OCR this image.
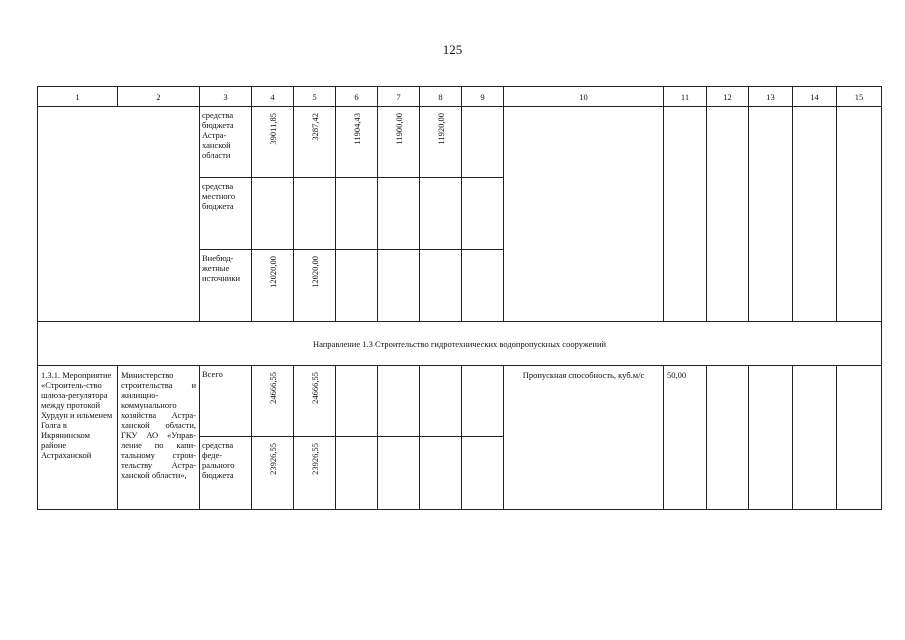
125
1	2	3	4	5	6	7	8	9	10	11	12	13	14	15
		средства бюджета Астра-ханской области	39011,85	3287,42	11904,43	11900,00	11920,00							

		средства местного бюджета												
		Внебюд-жетные источники	12020,00	12020,00										

Направление 1.3 Строительство гидротехнических водопропускных сооружений														
1.3.1. Мероприятие «Строитель-ство шлюза-регулятора между протокой Хурдун и ильменем Голга в Икрянинском районе Астраханской	Министерство строительства и жилищно-коммунального хозяйства Астра-ханской области, ГКУ АО «Управ-ление по капи-тальному строи-тельству Астра-ханской области»,	Всего	24666,55	24666,55					Пропускная способность, куб.м/с	50,00				
		средства феде-рального бюджета	23926,55	23926,55										
